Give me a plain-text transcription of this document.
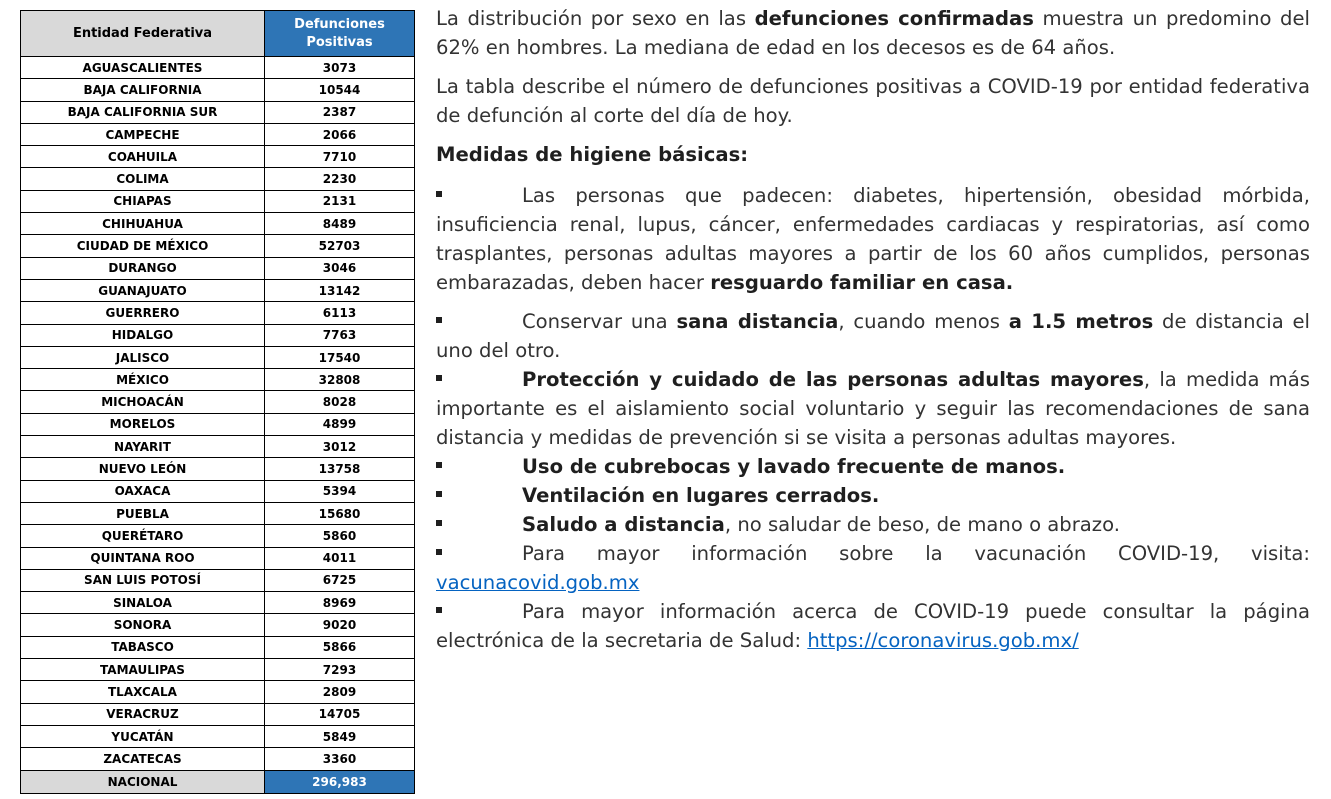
Entidad Federativa	Defunciones Positivas
AGUASCALIENTES	3073
BAJA CALIFORNIA	10544
BAJA CALIFORNIA SUR	2387
CAMPECHE	2066
COAHUILA	7710
COLIMA	2230
CHIAPAS	2131
CHIHUAHUA	8489
CIUDAD DE MÉXICO	52703
DURANGO	3046
GUANAJUATO	13142
GUERRERO	6113
HIDALGO	7763
JALISCO	17540
MÉXICO	32808
MICHOACÁN	8028
MORELOS	4899
NAYARIT	3012
NUEVO LEÓN	13758
OAXACA	5394
PUEBLA	15680
QUERÉTARO	5860
QUINTANA ROO	4011
SAN LUIS POTOSÍ	6725
SINALOA	8969
SONORA	9020
TABASCO	5866
TAMAULIPAS	7293
TLAXCALA	2809
VERACRUZ	14705
YUCATÁN	5849
ZACATECAS	3360
NACIONAL	296,983

La distribución por sexo en las defunciones confirmadas muestra un predomino del 62% en hombres. La mediana de edad en los decesos es de 64 años.

La tabla describe el número de defunciones positivas a COVID-19 por entidad federativa de defunción al corte del día de hoy.

Medidas de higiene básicas:
Las personas que padecen: diabetes, hipertensión, obesidad mórbida, insuficiencia renal, lupus, cáncer, enfermedades cardiacas y respiratorias, así como trasplantes, personas adultas mayores a partir de los 60 años cumplidos, personas embarazadas, deben hacer resguardo familiar en casa.
Conservar una sana distancia, cuando menos a 1.5 metros de distancia el uno del otro.
Protección y cuidado de las personas adultas mayores, la medida más importante es el aislamiento social voluntario y seguir las recomendaciones de sana distancia y medidas de prevención si se visita a personas adultas mayores.
Uso de cubrebocas y lavado frecuente de manos.
Ventilación en lugares cerrados.
Saludo a distancia, no saludar de beso, de mano o abrazo.
Para mayor información sobre la vacunación COVID-19, visita: vacunacovid.gob.mx
Para mayor información acerca de COVID-19 puede consultar la página electrónica de la secretaria de Salud: https://coronavirus.gob.mx/
